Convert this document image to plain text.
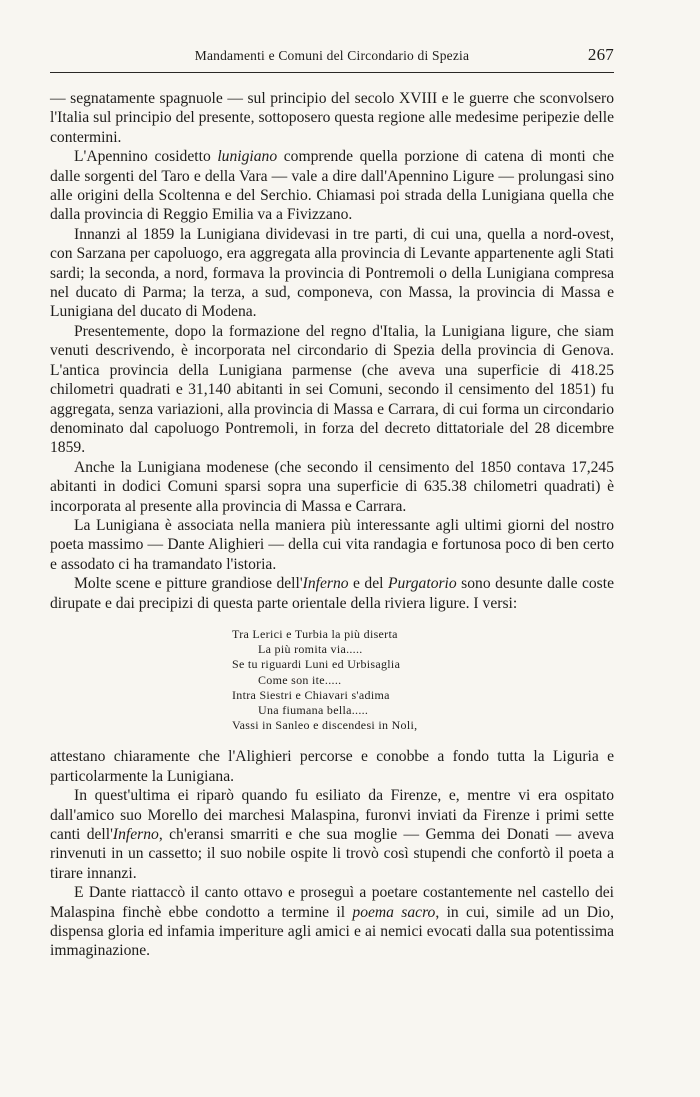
Mandamenti e Comuni del Circondario di Spezia	267

— segnatamente spagnuole — sul principio del secolo XVIII e le guerre che sconvolsero l'Italia sul principio del presente, sottoposero questa regione alle medesime peripezie delle contermini.

L'Apennino cosidetto lunigiano comprende quella porzione di catena di monti che dalle sorgenti del Taro e della Vara — vale a dire dall'Apennino Ligure — prolungasi sino alle origini della Scoltenna e del Serchio. Chiamasi poi strada della Lunigiana quella che dalla provincia di Reggio Emilia va a Fivizzano.

Innanzi al 1859 la Lunigiana dividevasi in tre parti, di cui una, quella a nord-ovest, con Sarzana per capoluogo, era aggregata alla provincia di Levante appartenente agli Stati sardi; la seconda, a nord, formava la provincia di Pontremoli o della Lunigiana compresa nel ducato di Parma; la terza, a sud, componeva, con Massa, la provincia di Massa e Lunigiana del ducato di Modena.

Presentemente, dopo la formazione del regno d'Italia, la Lunigiana ligure, che siam venuti descrivendo, è incorporata nel circondario di Spezia della provincia di Genova. L'antica provincia della Lunigiana parmense (che aveva una superficie di 418.25 chilometri quadrati e 31,140 abitanti in sei Comuni, secondo il censimento del 1851) fu aggregata, senza variazioni, alla provincia di Massa e Carrara, di cui forma un circondario denominato dal capoluogo Pontremoli, in forza del decreto dittatoriale del 28 dicembre 1859.

Anche la Lunigiana modenese (che secondo il censimento del 1850 contava 17,245 abitanti in dodici Comuni sparsi sopra una superficie di 635.38 chilometri quadrati) è incorporata al presente alla provincia di Massa e Carrara.

La Lunigiana è associata nella maniera più interessante agli ultimi giorni del nostro poeta massimo — Dante Alighieri — della cui vita randagia e fortunosa poco di ben certo e assodato ci ha tramandato l'istoria.

Molte scene e pitture grandiose dell'Inferno e del Purgatorio sono desunte dalle coste dirupate e dai precipizi di questa parte orientale della riviera ligure. I versi:

Tra Lerici e Turbia la più diserta
La più romita via.....
Se tu riguardi Luni ed Urbisaglia
Come son ite.....
Intra Siestri e Chiavari s'adima
Una fiumana bella.....
Vassi in Sanleo e discendesi in Noli,

attestano chiaramente che l'Alighieri percorse e conobbe a fondo tutta la Liguria e particolarmente la Lunigiana.

In quest'ultima ei riparò quando fu esiliato da Firenze, e, mentre vi era ospitato dall'amico suo Morello dei marchesi Malaspina, furonvi inviati da Firenze i primi sette canti dell'Inferno, ch'eransi smarriti e che sua moglie — Gemma dei Donati — aveva rinvenuti in un cassetto; il suo nobile ospite li trovò così stupendi che confortò il poeta a tirare innanzi.

E Dante riattaccò il canto ottavo e proseguì a poetare costantemente nel castello dei Malaspina finchè ebbe condotto a termine il poema sacro, in cui, simile ad un Dio, dispensa gloria ed infamia imperiture agli amici e ai nemici evocati dalla sua potentissima immaginazione.
